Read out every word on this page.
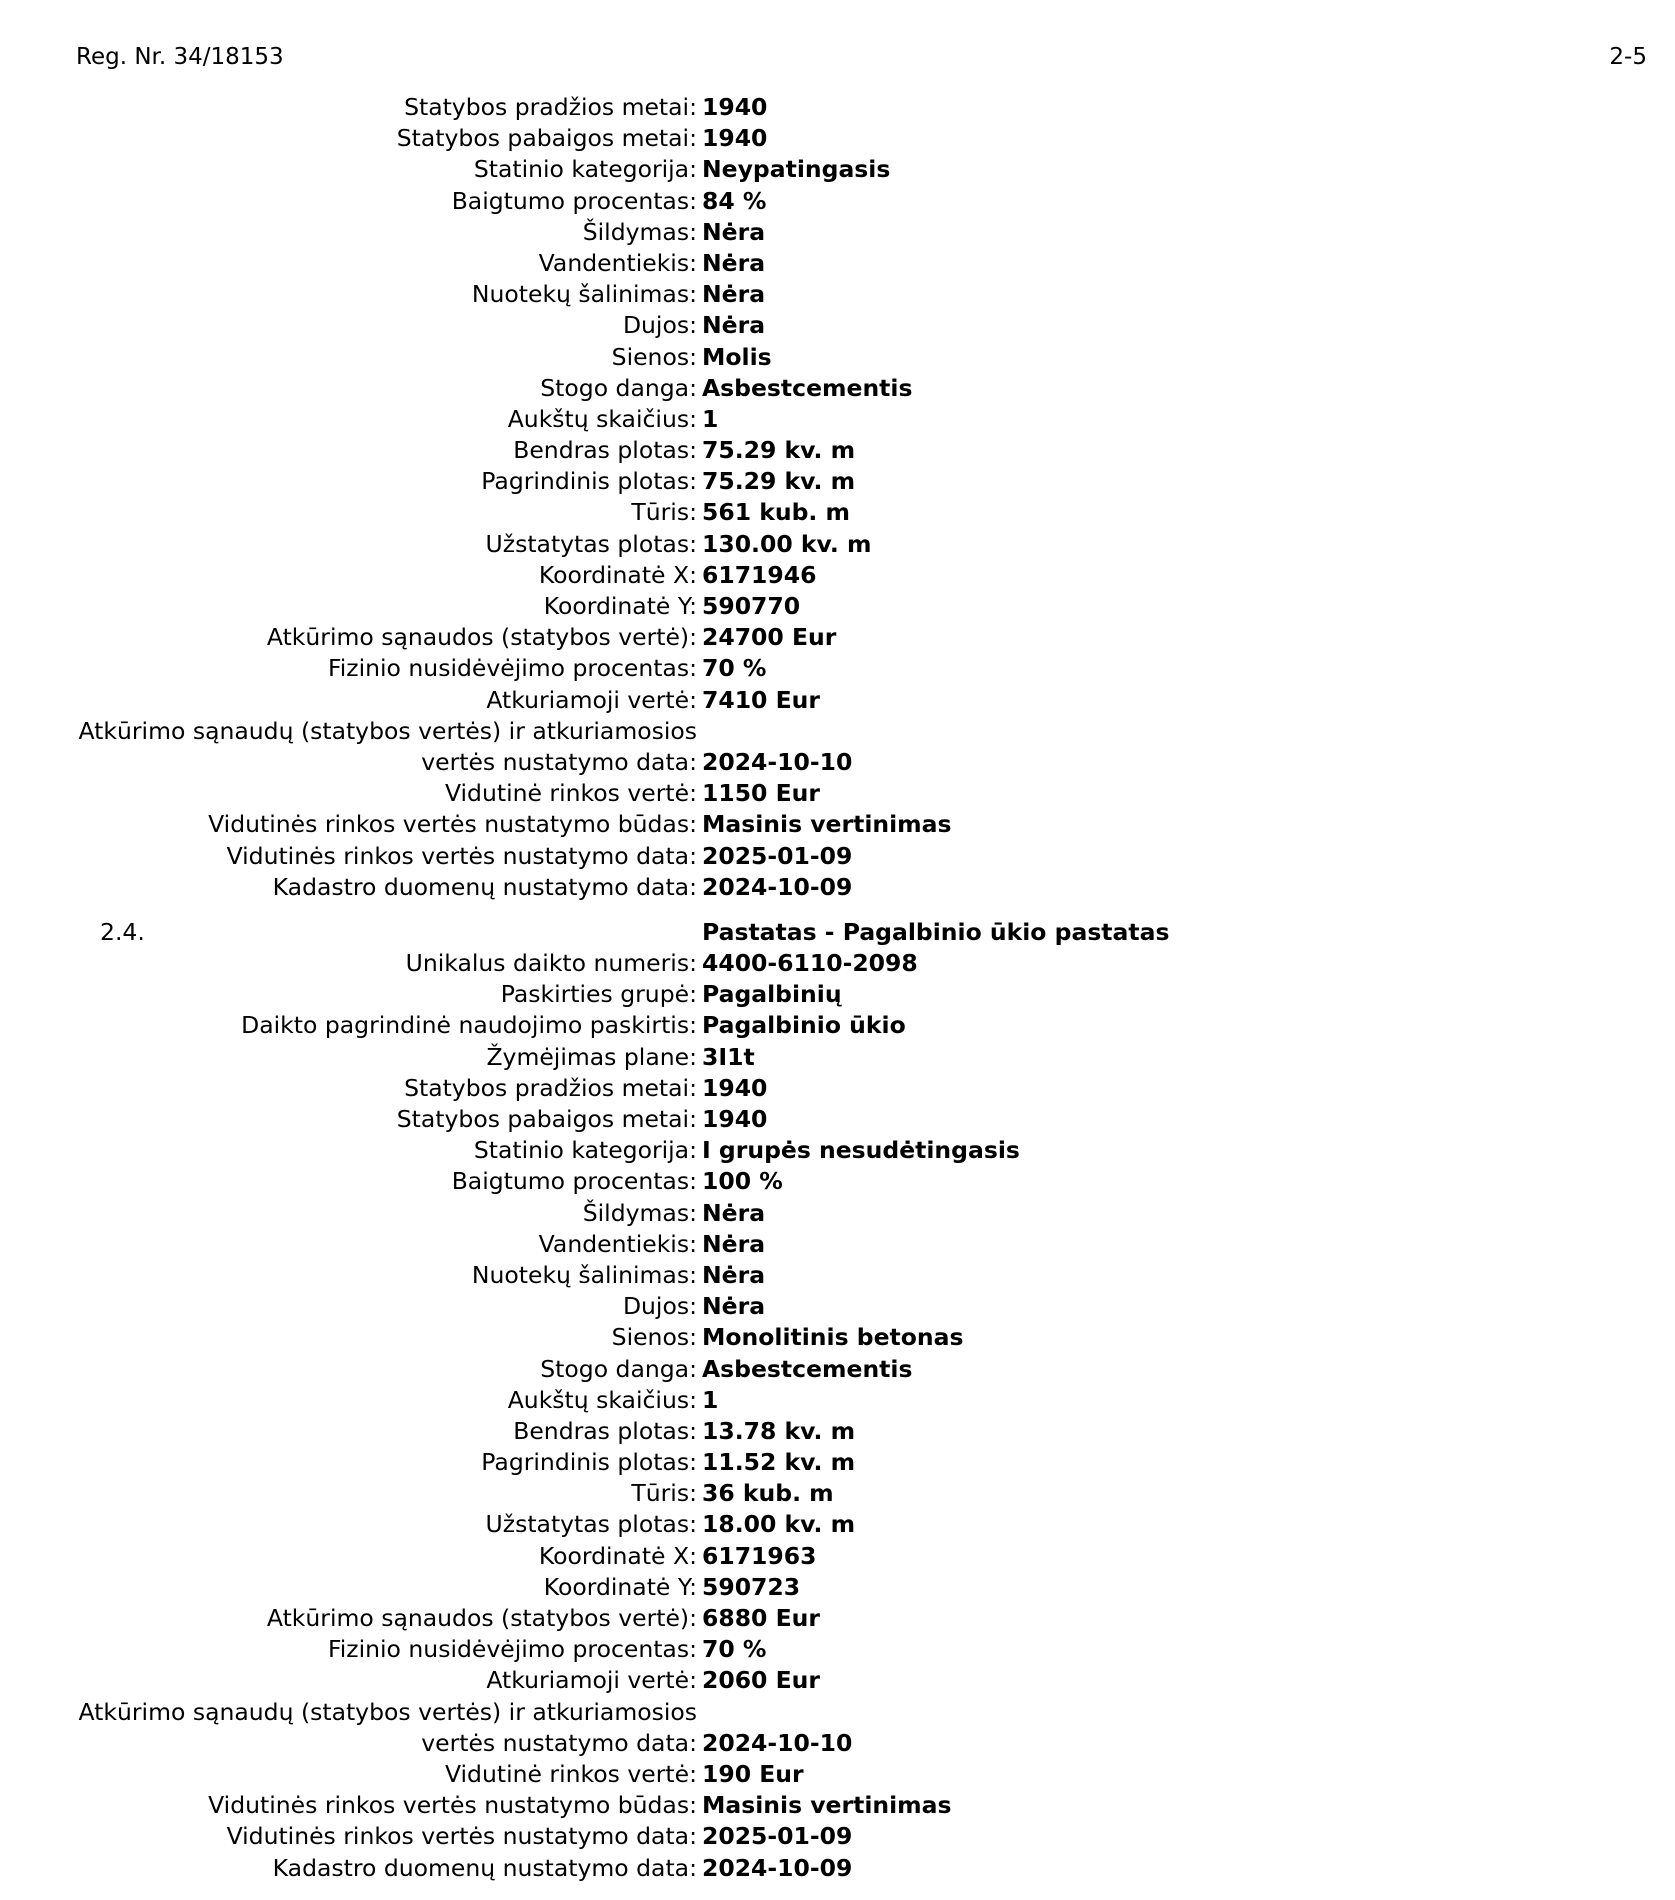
Reg. Nr. 34/18153	2-5
Statybos pradžios metai: 1940
Statybos pabaigos metai: 1940
Statinio kategorija: Neypatingasis
Baigtumo procentas: 84 %
Šildymas: Nėra
Vandentiekis: Nėra
Nuotekų šalinimas: Nėra
Dujos: Nėra
Sienos: Molis
Stogo danga: Asbestcementis
Aukštų skaičius: 1
Bendras plotas: 75.29 kv. m
Pagrindinis plotas: 75.29 kv. m
Tūris: 561 kub. m
Užstatytas plotas: 130.00 kv. m
Koordinatė X: 6171946
Koordinatė Y: 590770
Atkūrimo sąnaudos (statybos vertė): 24700 Eur
Fizinio nusidėvėjimo procentas: 70 %
Atkuriamoji vertė: 7410 Eur
Atkūrimo sąnaudų (statybos vertės) ir atkuriamosios
vertės nustatymo data: 2024-10-10
Vidutinė rinkos vertė: 1150 Eur
Vidutinės rinkos vertės nustatymo būdas: Masinis vertinimas
Vidutinės rinkos vertės nustatymo data: 2025-01-09
Kadastro duomenų nustatymo data: 2024-10-09
2.4.	Pastatas - Pagalbinio ūkio pastatas
Unikalus daikto numeris: 4400-6110-2098
Paskirties grupė: Pagalbinių
Daikto pagrindinė naudojimo paskirtis: Pagalbinio ūkio
Žymėjimas plane: 3I1t
Statybos pradžios metai: 1940
Statybos pabaigos metai: 1940
Statinio kategorija: I grupės nesudėtingasis
Baigtumo procentas: 100 %
Šildymas: Nėra
Vandentiekis: Nėra
Nuotekų šalinimas: Nėra
Dujos: Nėra
Sienos: Monolitinis betonas
Stogo danga: Asbestcementis
Aukštų skaičius: 1
Bendras plotas: 13.78 kv. m
Pagrindinis plotas: 11.52 kv. m
Tūris: 36 kub. m
Užstatytas plotas: 18.00 kv. m
Koordinatė X: 6171963
Koordinatė Y: 590723
Atkūrimo sąnaudos (statybos vertė): 6880 Eur
Fizinio nusidėvėjimo procentas: 70 %
Atkuriamoji vertė: 2060 Eur
Atkūrimo sąnaudų (statybos vertės) ir atkuriamosios
vertės nustatymo data: 2024-10-10
Vidutinė rinkos vertė: 190 Eur
Vidutinės rinkos vertės nustatymo būdas: Masinis vertinimas
Vidutinės rinkos vertės nustatymo data: 2025-01-09
Kadastro duomenų nustatymo data: 2024-10-09
